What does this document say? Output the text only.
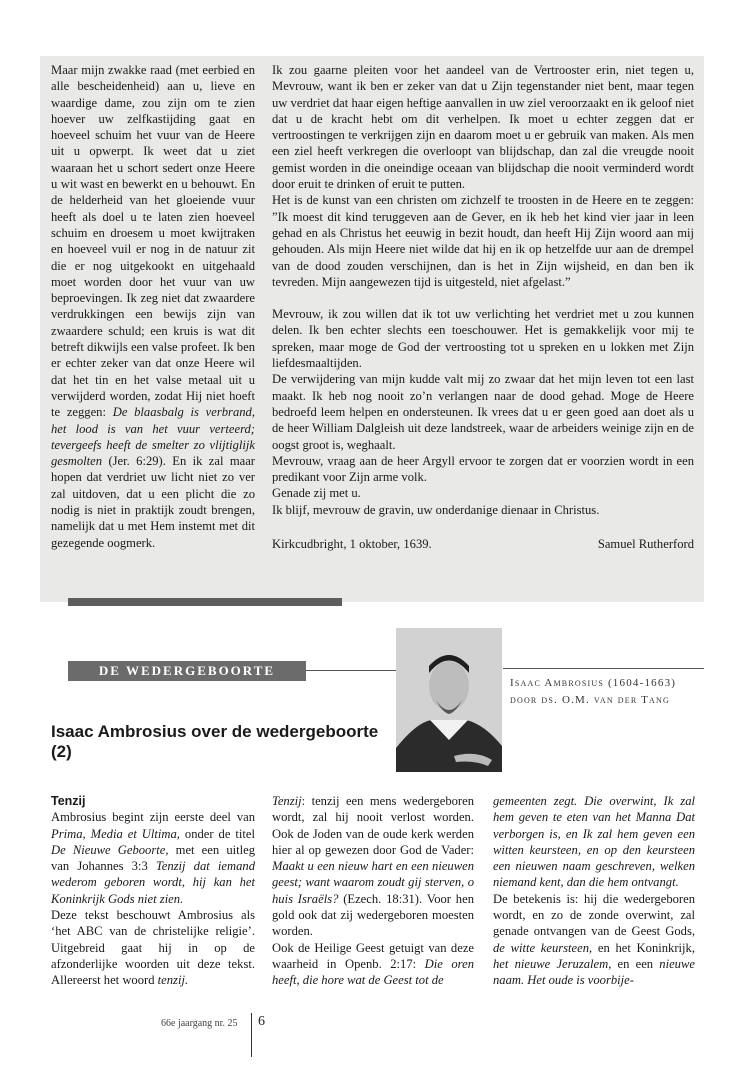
Maar mijn zwakke raad (met eerbied en alle bescheidenheid) aan u, lieve en waardige dame, zou zijn om te zien hoever uw zelfkastijding gaat en hoeveel schuim het vuur van de Heere uit u opwerpt. Ik weet dat u ziet waaraan het u schort sedert onze Heere u wit wast en bewerkt en u behouwt. En de helderheid van het gloeiende vuur heeft als doel u te laten zien hoeveel schuim en droesem u moet kwijtraken en hoeveel vuil er nog in de natuur zit die er nog uitgekookt en uitgehaald moet worden door het vuur van uw beproevingen. Ik zeg niet dat zwaardere verdrukkingen een bewijs zijn van zwaardere schuld; een kruis is wat dit betreft dikwijls een valse profeet. Ik ben er echter zeker van dat onze Heere wil dat het tin en het valse metaal uit u verwijderd worden, zodat Hij niet hoeft te zeggen: De blaasbalg is verbrand, het lood is van het vuur verteerd; tevergeefs heeft de smelter zo vlijtiglijk gesmolten (Jer. 6:29). En ik zal maar hopen dat verdriet uw licht niet zo ver zal uitdoven, dat u een plicht die zo nodig is niet in praktijk zoudt brengen, namelijk dat u met Hem instemt met dit gezegende oogmerk.

Ik zou gaarne pleiten voor het aandeel van de Vertrooster erin, niet tegen u, Mevrouw, want ik ben er zeker van dat u Zijn tegenstander niet bent, maar tegen uw verdriet dat haar eigen heftige aanvallen in uw ziel veroorzaakt en ik geloof niet dat u de kracht hebt om dit verhelpen. Ik moet u echter zeggen dat er vertroostingen te verkrijgen zijn en daarom moet u er gebruik van maken. Als men een ziel heeft verkregen die overloopt van blijdschap, dan zal die vreugde nooit gemist worden in die oneindige oceaan van blijdschap die nooit verminderd wordt door eruit te drinken of eruit te putten.

Het is de kunst van een christen om zichzelf te troosten in de Heere en te zeggen: ”Ik moest dit kind teruggeven aan de Gever, en ik heb het kind vier jaar in leen gehad en als Christus het eeuwig in bezit houdt, dan heeft Hij Zijn woord aan mij gehouden. Als mijn Heere niet wilde dat hij en ik op hetzelfde uur aan de drempel van de dood zouden verschijnen, dan is het in Zijn wijsheid, en dan ben ik tevreden. Mijn aangewezen tijd is uitgesteld, niet afgelast.”

Mevrouw, ik zou willen dat ik tot uw verlichting het verdriet met u zou kunnen delen. Ik ben echter slechts een toeschouwer. Het is gemakkelijk voor mij te spreken, maar moge de God der vertroosting tot u spreken en u lokken met Zijn liefdesmaaltijden.

De verwijdering van mijn kudde valt mij zo zwaar dat het mijn leven tot een last maakt. Ik heb nog nooit zo’n verlangen naar de dood gehad. Moge de Heere bedroefd leem helpen en ondersteunen. Ik vrees dat u er geen goed aan doet als u de heer William Dalgleish uit deze landstreek, waar de arbeiders weinige zijn en de oogst groot is, weghaalt.

Mevrouw, vraag aan de heer Argyll ervoor te zorgen dat er voorzien wordt in een predikant voor Zijn arme volk.

Genade zij met u.

Ik blijf, mevrouw de gravin, uw onderdanige dienaar in Christus.

Kirkcudbright, 1 oktober, 1639.	Samuel Rutherford
DE WEDERGEBOORTE
Isaac Ambrosius (1604-1663)
door ds. O.M. van der Tang
Isaac Ambrosius over de wedergeboorte (2)

Tenzij

Ambrosius begint zijn eerste deel van Prima, Media et Ultima, onder de titel De Nieuwe Geboorte, met een uitleg van Johannes 3:3 Tenzij dat iemand wederom geboren wordt, hij kan het Koninkrijk Gods niet zien.

Deze tekst beschouwt Ambrosius als ‘het ABC van de christelijke religie’. Uitgebreid gaat hij in op de afzonderlijke woorden uit deze tekst. Allereerst het woord tenzij.

Tenzij: tenzij een mens wedergeboren wordt, zal hij nooit verlost worden. Ook de Joden van de oude kerk werden hier al op gewezen door God de Vader: Maakt u een nieuw hart en een nieuwen geest; want waarom zoudt gij sterven, o huis Israëls? (Ezech. 18:31). Voor hen gold ook dat zij wedergeboren moesten worden.

Ook de Heilige Geest getuigt van deze waarheid in Openb. 2:17: Die oren heeft, die hore wat de Geest tot de

gemeenten zegt. Die overwint, Ik zal hem geven te eten van het Manna Dat verborgen is, en Ik zal hem geven een witten keursteen, en op den keursteen een nieuwen naam geschreven, welken niemand kent, dan die hem ontvangt.

De betekenis is: hij die wedergeboren wordt, en zo de zonde overwint, zal genade ontvangen van de Geest Gods, de witte keursteen, en het Koninkrijk, het nieuwe Jeruzalem, en een nieuwe naam. Het oude is voorbije-

66e jaargang nr. 25 6
